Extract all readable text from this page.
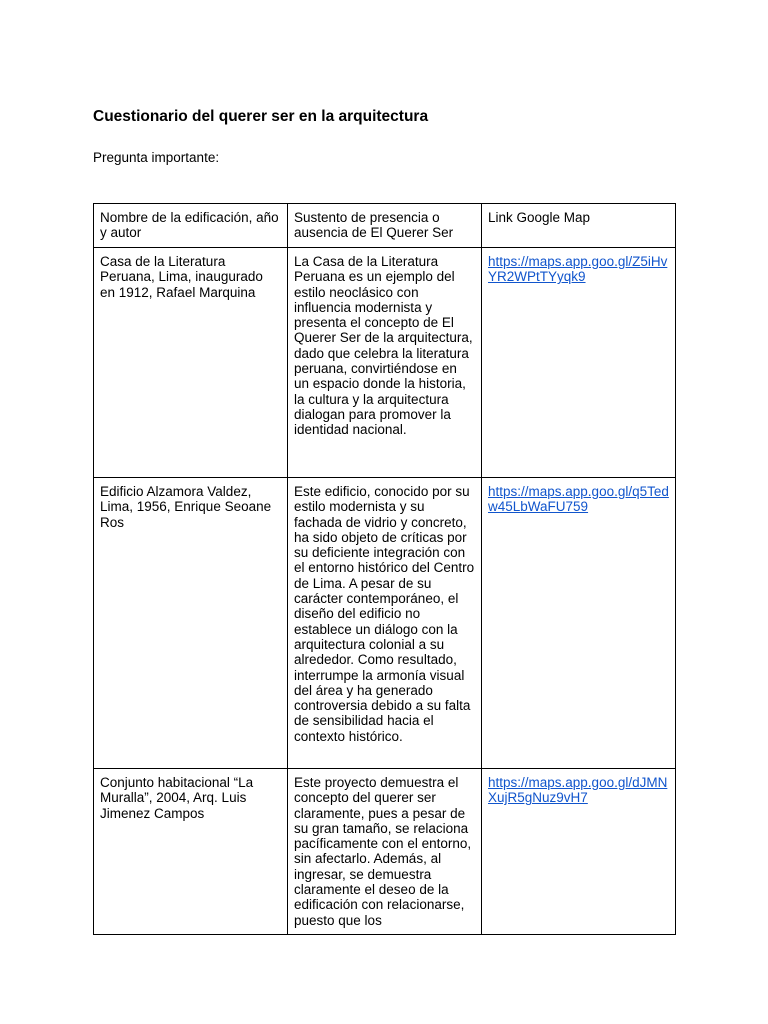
Cuestionario del querer ser en la arquitectura
Pregunta importante:
Nombre de la edificación, año y autor	Sustento de presencia o ausencia de El Querer Ser	Link Google Map
Casa de la Literatura Peruana, Lima, inaugurado en 1912, Rafael Marquina	La Casa de la Literatura Peruana es un ejemplo del estilo neoclásico con influencia modernista y presenta el concepto de El Querer Ser de la arquitectura, dado que celebra la literatura peruana, convirtiéndose en un espacio donde la historia, la cultura y la arquitectura dialogan para promover la identidad nacional.	https://maps.app.goo.gl/Z5iHvYR2WPtTYyqk9
Edificio Alzamora Valdez, Lima, 1956, Enrique Seoane Ros	Este edificio, conocido por su estilo modernista y su fachada de vidrio y concreto, ha sido objeto de críticas por su deficiente integración con el entorno histórico del Centro de Lima. A pesar de su carácter contemporáneo, el diseño del edificio no establece un diálogo con la arquitectura colonial a su alrededor. Como resultado, interrumpe la armonía visual del área y ha generado controversia debido a su falta de sensibilidad hacia el contexto histórico.	https://maps.app.goo.gl/q5Tedw45LbWaFU759
Conjunto habitacional “La Muralla”, 2004, Arq. Luis Jimenez Campos	Este proyecto demuestra el concepto del querer ser claramente, pues a pesar de su gran tamaño, se relaciona pacíficamente con el entorno, sin afectarlo. Además, al ingresar, se demuestra claramente el deseo de la edificación con relacionarse, puesto que los	https://maps.app.goo.gl/dJMNXujR5gNuz9vH7
